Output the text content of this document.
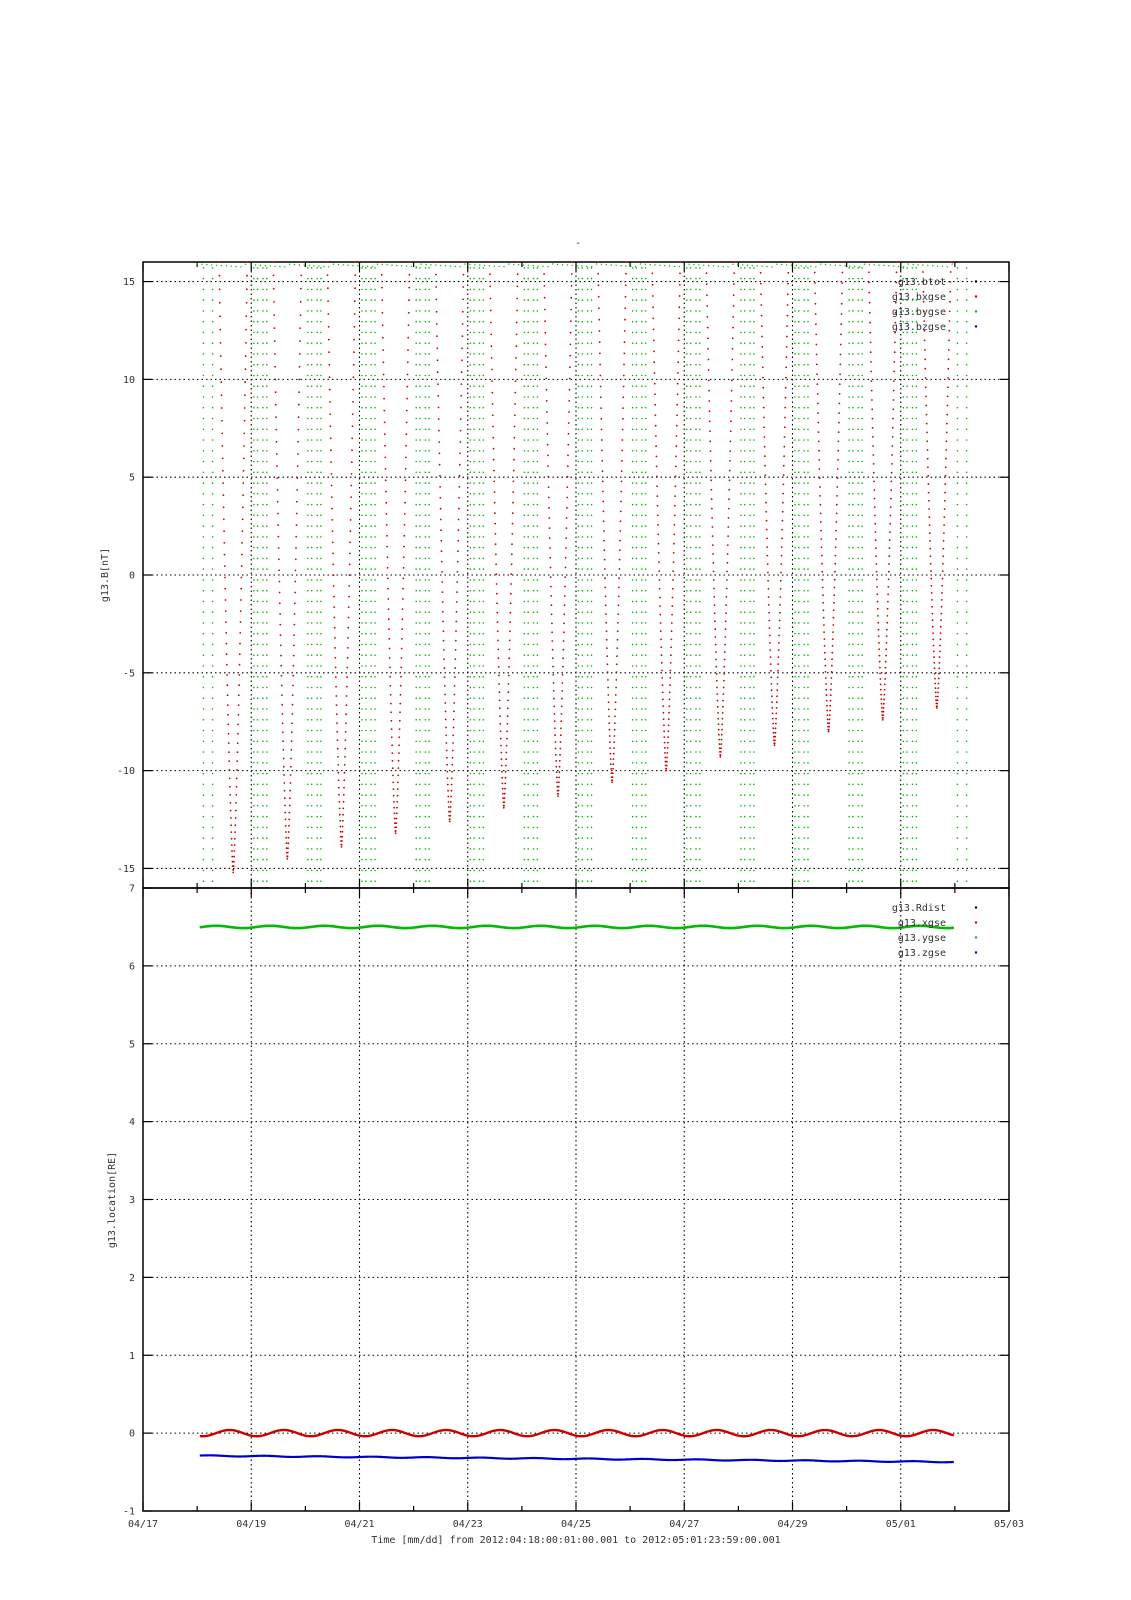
-
15
10
5
0
-5
-10
-15
g13.B[nT]
g13.btot
g13.bxgse
g13.bygse
g13.bzgse
7
6
5
4
3
2
1
0
-1
04/17	04/19	04/21	04/23	04/25	04/27	04/29	05/01	05/03
g13.location[RE]
g13.Rdist
g13.xgse
g13.ygse
g13.zgse
Time [mm/dd] from 2012:04:18:00:01:00.001 to 2012:05:01:23:59:00.001
